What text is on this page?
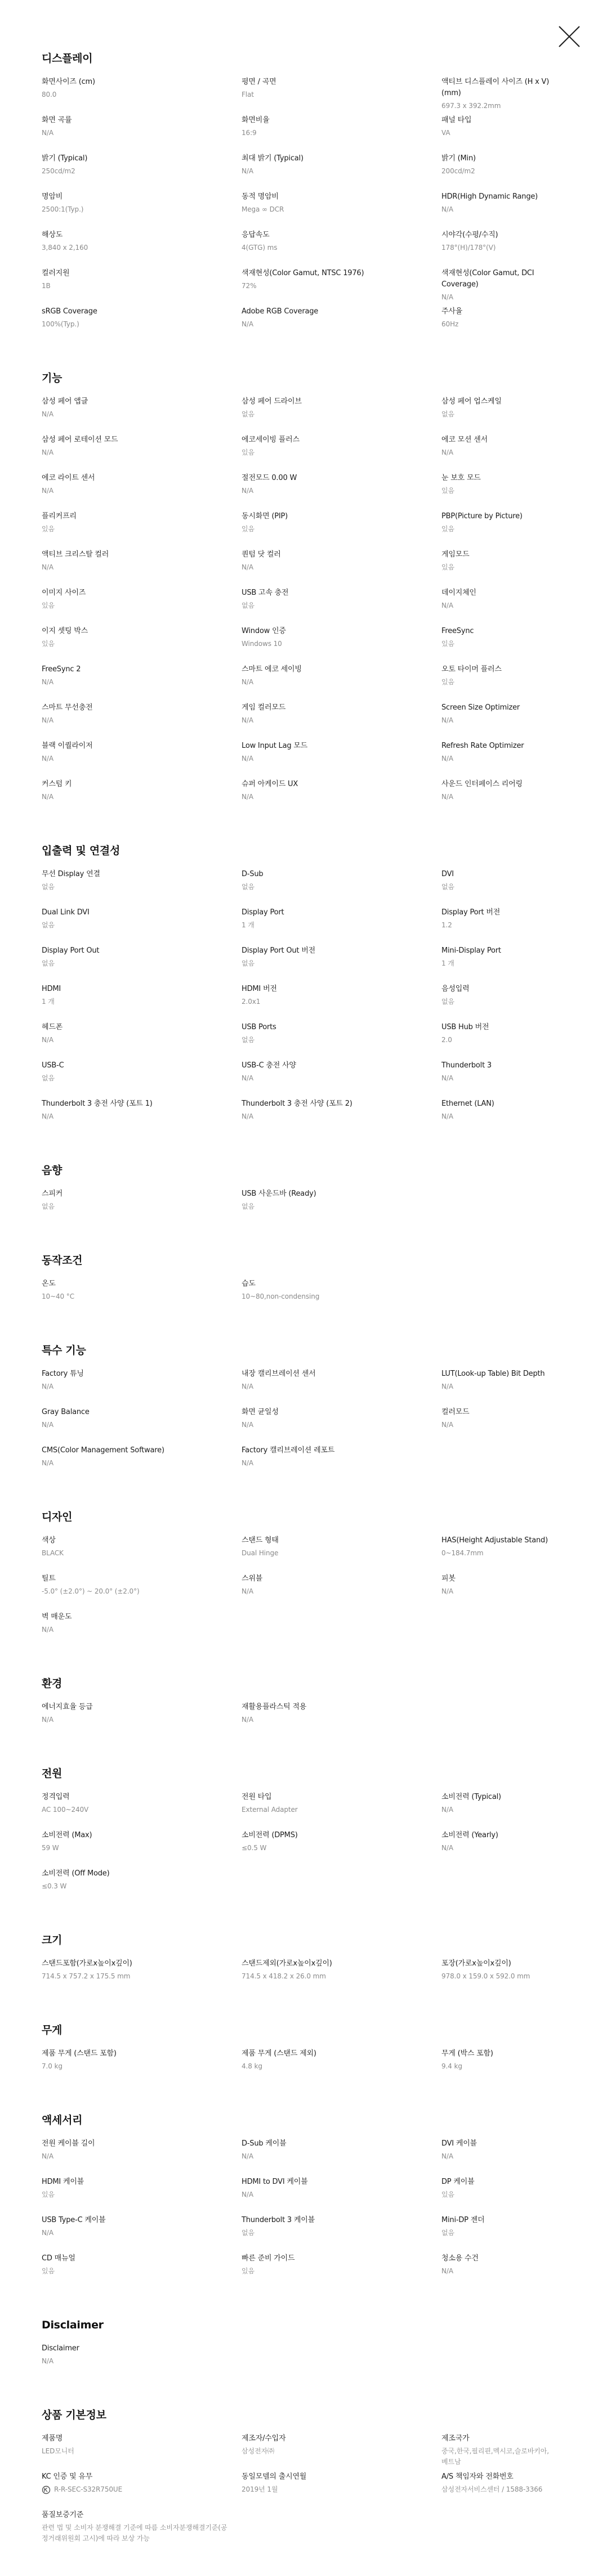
디스플레이
화면사이즈 (cm)
80.0
평면 / 곡면
Flat
액티브 디스플레이 사이즈 (H x V) (mm)
697.3 x 392.2mm
화면 곡률
N/A
화면비율
16:9
패널 타입
VA
밝기 (Typical)
250cd/m2
최대 밝기 (Typical)
N/A
밝기 (Min)
200cd/m2
명암비
2500:1(Typ.)
동적 명암비
Mega ∞ DCR
HDR(High Dynamic Range)
N/A
해상도
3,840 x 2,160
응답속도
4(GTG) ms
시야각(수평/수직)
178°(H)/178°(V)
컬러지원
1B
색재현성(Color Gamut, NTSC 1976)
72%
색재현성(Color Gamut, DCI Coverage)
N/A
sRGB Coverage
100%(Typ.)
Adobe RGB Coverage
N/A
주사율
60Hz
기능
삼성 페어 앱글
N/A
삼성 페어 드라이브
없음
삼성 페어 업스케일
없음
삼성 페어 로테이션 모드
N/A
에코세이빙 플러스
있음
에코 모션 센서
N/A
에코 라이트 센서
N/A
절전모드 0.00 W
N/A
눈 보호 모드
있음
플리커프리
있음
동시화면 (PIP)
있음
PBP(Picture by Picture)
있음
액티브 크리스탈 컬러
N/A
퀀텀 닷 컬러
N/A
게임모드
있음
이미지 사이즈
있음
USB 고속 충전
없음
데이지체인
N/A
이지 셋팅 박스
있음
Window 인증
Windows 10
FreeSync
있음
FreeSync 2
N/A
스마트 에코 세이빙
N/A
오토 타이머 플러스
있음
스마트 무선충전
N/A
게임 컬러모드
N/A
Screen Size Optimizer
N/A
블랙 이퀄라이저
N/A
Low Input Lag 모드
N/A
Refresh Rate Optimizer
N/A
커스텀 키
N/A
슈퍼 아케이드 UX
N/A
사운드 인터페이스 리어링
N/A
입출력 및 연결성
무선 Display 연결
없음
D-Sub
없음
DVI
없음
Dual Link DVI
없음
Display Port
1 개
Display Port 버전
1.2
Display Port Out
없음
Display Port Out 버전
없음
Mini-Display Port
1 개
HDMI
1 개
HDMI 버전
2.0x1
음성입력
없음
헤드폰
N/A
USB Ports
없음
USB Hub 버전
2.0
USB-C
없음
USB-C 충전 사양
N/A
Thunderbolt 3
N/A
Thunderbolt 3 충전 사양 (포트 1)
N/A
Thunderbolt 3 충전 사양 (포트 2)
N/A
Ethernet (LAN)
N/A
음향
스피커
없음
USB 사운드바 (Ready)
없음
동작조건
온도
10~40 °C
습도
10~80,non-condensing
특수 기능
Factory 튜닝
N/A
내장 캘리브레이션 센서
N/A
LUT(Look-up Table) Bit Depth
N/A
Gray Balance
N/A
화면 균일성
N/A
컬러모드
N/A
CMS(Color Management Software)
N/A
Factory 캘리브레이션 레포트
N/A
디자인
색상
BLACK
스탠드 형태
Dual Hinge
HAS(Height Adjustable Stand)
0~184.7mm
틸트
-5.0° (±2.0°) ~ 20.0° (±2.0°)
스위블
N/A
피봇
N/A
벽 매운도
N/A
환경
에너지효율 등급
N/A
재활용플라스틱 적용
N/A
전원
정격입력
AC 100~240V
전원 타입
External Adapter
소비전력 (Typical)
N/A
소비전력 (Max)
59 W
소비전력 (DPMS)
≤0.5 W
소비전력 (Yearly)
N/A
소비전력 (Off Mode)
≤0.3 W
크기
스탠드포함(가로x높이x깊이)
714.5 x 757.2 x 175.5 mm
스탠드제외(가로x높이x깊이)
714.5 x 418.2 x 26.0 mm
포장(가로x높이x깊이)
978.0 x 159.0 x 592.0 mm
무게
제품 무게 (스탠드 포함)
7.0 kg
제품 무게 (스탠드 제외)
4.8 kg
무게 (박스 포함)
9.4 kg
액세서리
전원 케이블 길이
N/A
D-Sub 케이블
N/A
DVI 케이블
N/A
HDMI 케이블
있음
HDMI to DVI 케이블
N/A
DP 케이블
있음
USB Type-C 케이블
N/A
Thunderbolt 3 케이블
없음
Mini-DP 젠더
없음
CD 매뉴얼
있음
빠른 준비 가이드
있음
청소용 수건
N/A
Disclaimer
Disclaimer
N/A
상품 기본정보
제품명
LED모니터
제조자/수입자
삼성전자㈜
제조국가
중국,한국,필리핀,멕시코,슬로바키아,베트남
KC 인증 및 유무
R-R-SEC-S32R750UE
동일모델의 출시연월
2019년 1월
A/S 책임자와 전화번호
삼성전자서비스센터 / 1588-3366
품질보증기준
관련 법 및 소비자 분쟁해결 기준에 따름 소비자분쟁해결기준(공정거래위원회 고시)에 따라 보상 가능
